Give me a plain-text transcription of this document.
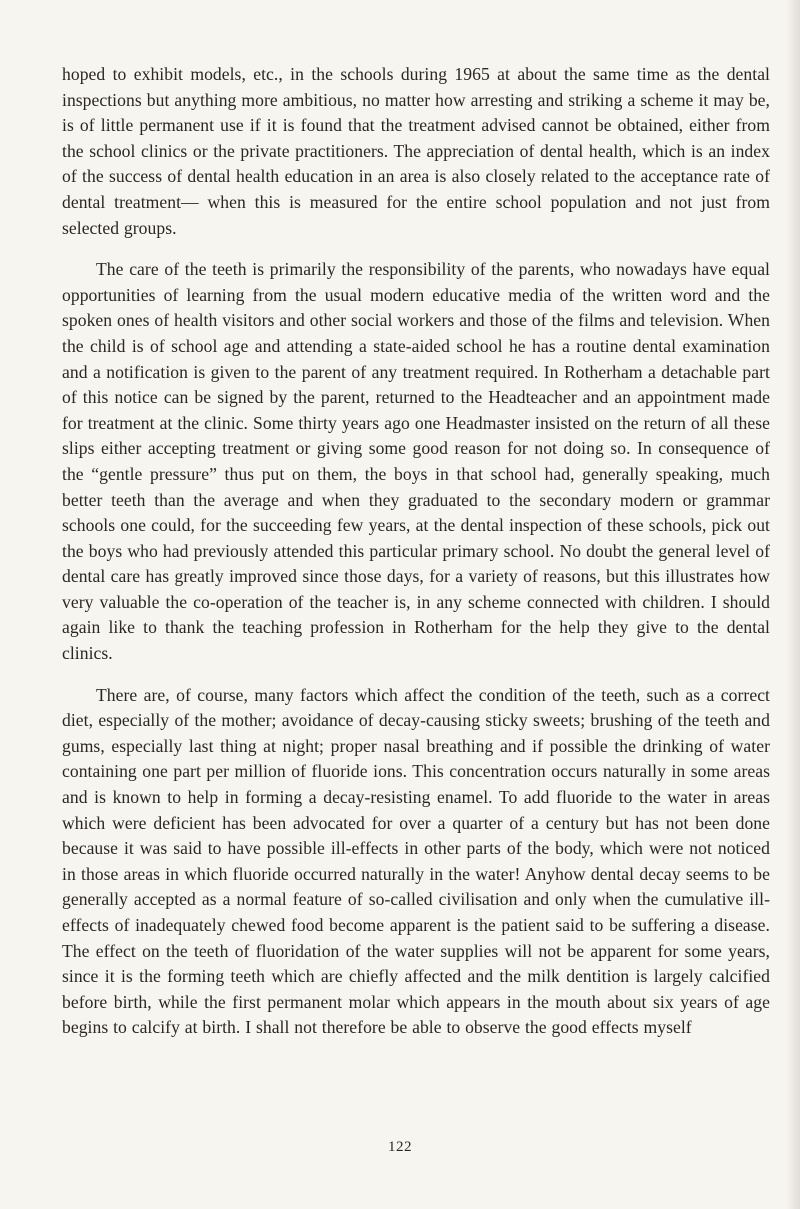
hoped to exhibit models, etc., in the schools during 1965 at about the same time as the dental inspections but anything more ambitious, no matter how arresting and striking a scheme it may be, is of little permanent use if it is found that the treatment advised cannot be obtained, either from the school clinics or the private practitioners. The appreciation of dental health, which is an index of the success of dental health education in an area is also closely related to the acceptance rate of dental treatment— when this is measured for the entire school population and not just from selected groups.

The care of the teeth is primarily the responsibility of the parents, who nowadays have equal opportunities of learning from the usual modern educative media of the written word and the spoken ones of health visitors and other social workers and those of the films and television. When the child is of school age and attending a state-aided school he has a routine dental examination and a notification is given to the parent of any treatment required. In Rotherham a detachable part of this notice can be signed by the parent, returned to the Headteacher and an appointment made for treatment at the clinic. Some thirty years ago one Headmaster insisted on the return of all these slips either accepting treatment or giving some good reason for not doing so. In consequence of the “gentle pressure” thus put on them, the boys in that school had, generally speaking, much better teeth than the average and when they graduated to the secondary modern or grammar schools one could, for the succeeding few years, at the dental inspection of these schools, pick out the boys who had previously attended this particular primary school. No doubt the general level of dental care has greatly improved since those days, for a variety of reasons, but this illustrates how very valuable the co-operation of the teacher is, in any scheme connected with children. I should again like to thank the teaching profession in Rotherham for the help they give to the dental clinics.

There are, of course, many factors which affect the condition of the teeth, such as a correct diet, especially of the mother; avoidance of decay-causing sticky sweets; brushing of the teeth and gums, especially last thing at night; proper nasal breathing and if possible the drinking of water containing one part per million of fluoride ions. This concentration occurs naturally in some areas and is known to help in forming a decay-resisting enamel. To add fluoride to the water in areas which were deficient has been advocated for over a quarter of a century but has not been done because it was said to have possible ill-effects in other parts of the body, which were not noticed in those areas in which fluoride occurred naturally in the water! Anyhow dental decay seems to be generally accepted as a normal feature of so-called civilisation and only when the cumulative ill-effects of inadequately chewed food become apparent is the patient said to be suffering a disease. The effect on the teeth of fluoridation of the water supplies will not be apparent for some years, since it is the forming teeth which are chiefly affected and the milk dentition is largely calcified before birth, while the first permanent molar which appears in the mouth about six years of age begins to calcify at birth. I shall not therefore be able to observe the good effects myself

122
